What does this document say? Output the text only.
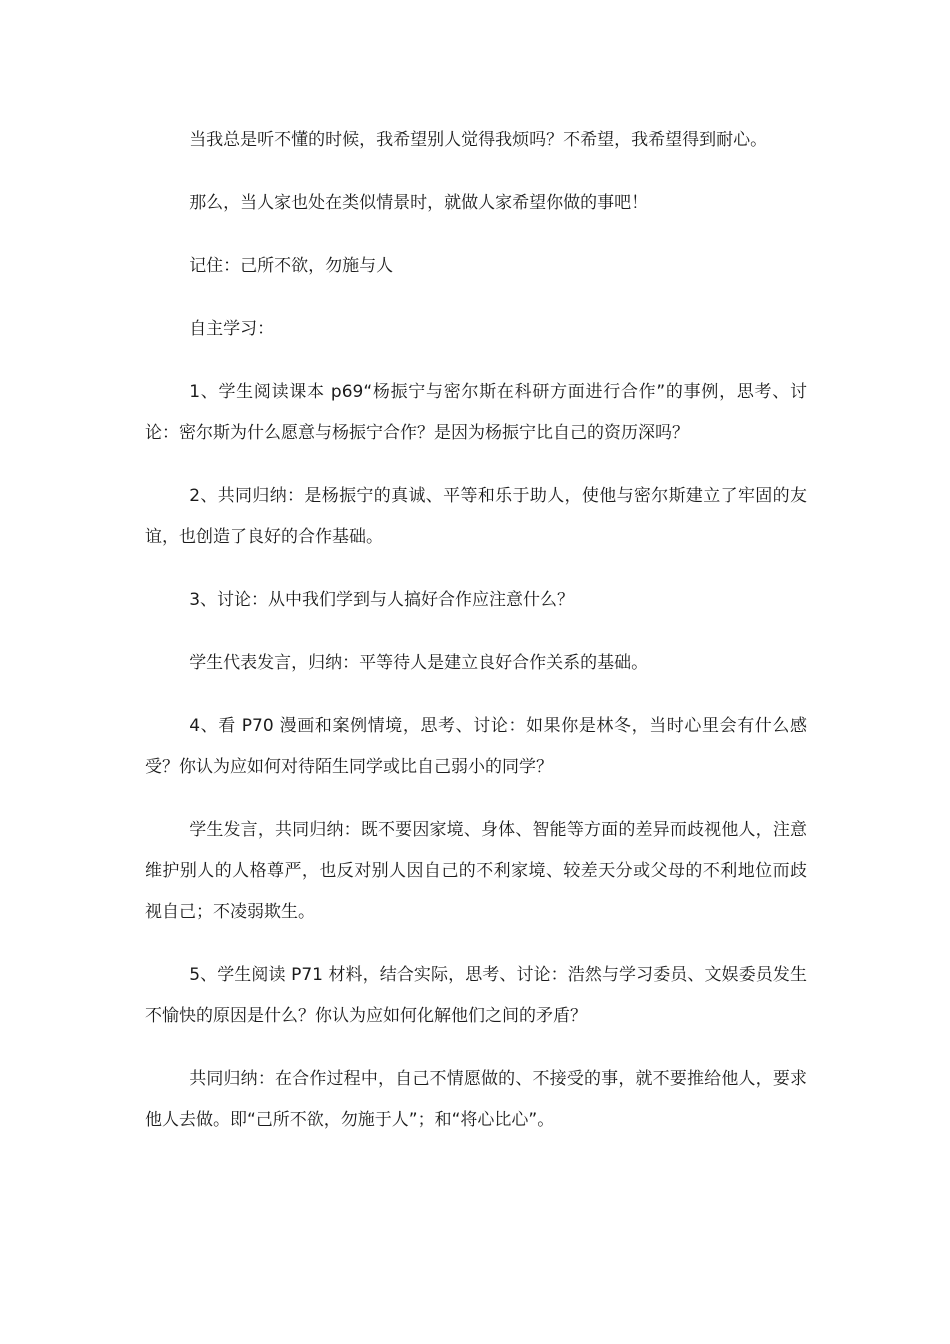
当我总是听不懂的时候，我希望别人觉得我烦吗？不希望，我希望得到耐心。

那么，当人家也处在类似情景时，就做人家希望你做的事吧！

记住：己所不欲，勿施与人

自主学习：

1、学生阅读课本 p69“杨振宁与密尔斯在科研方面进行合作”的事例，思考、讨论：密尔斯为什么愿意与杨振宁合作？是因为杨振宁比自己的资历深吗？

2、共同归纳：是杨振宁的真诚、平等和乐于助人，使他与密尔斯建立了牢固的友谊，也创造了良好的合作基础。

3、讨论：从中我们学到与人搞好合作应注意什么？

学生代表发言，归纳：平等待人是建立良好合作关系的基础。

4、看 P70 漫画和案例情境，思考、讨论：如果你是林冬，当时心里会有什么感受？你认为应如何对待陌生同学或比自己弱小的同学？

学生发言，共同归纳：既不要因家境、身体、智能等方面的差异而歧视他人，注意维护别人的人格尊严，也反对别人因自己的不利家境、较差天分或父母的不利地位而歧视自己；不凌弱欺生。

5、学生阅读 P71 材料，结合实际，思考、讨论：浩然与学习委员、文娱委员发生不愉快的原因是什么？你认为应如何化解他们之间的矛盾？

共同归纳：在合作过程中，自己不情愿做的、不接受的事，就不要推给他人，要求他人去做。即“己所不欲，勿施于人”；和“将心比心”。
